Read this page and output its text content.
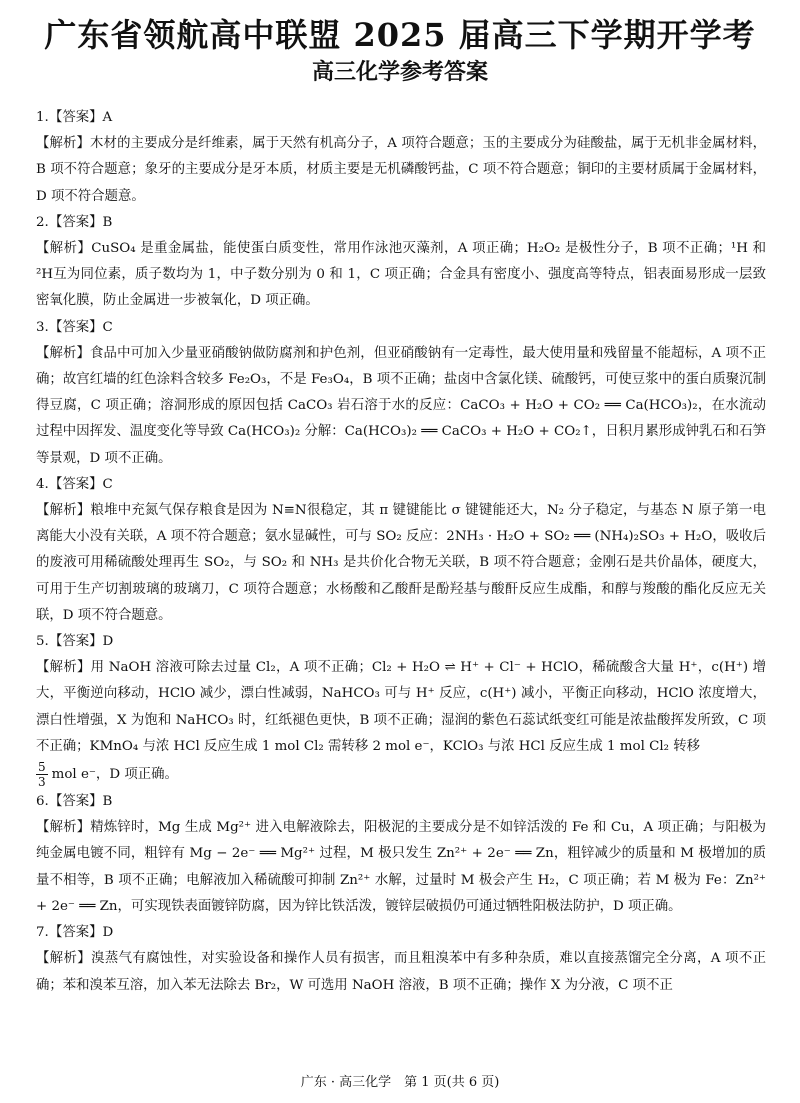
广东省领航高中联盟 2025 届高三下学期开学考
高三化学参考答案
1.【答案】A
【解析】木材的主要成分是纤维素，属于天然有机高分子，A 项符合题意；玉的主要成分为硅酸盐，属于无机非金属材料，B 项不符合题意；象牙的主要成分是牙本质，材质主要是无机磷酸钙盐，C 项不符合题意；铜印的主要材质属于金属材料，D 项不符合题意。
2.【答案】B
【解析】CuSO₄ 是重金属盐，能使蛋白质变性，常用作泳池灭藻剂，A 项正确；H₂O₂ 是极性分子，B 项不正确；¹H 和 ²H互为同位素，质子数均为 1，中子数分别为 0 和 1，C 项正确；合金具有密度小、强度高等特点，铝表面易形成一层致密氧化膜，防止金属进一步被氧化，D 项正确。
3.【答案】C
【解析】食品中可加入少量亚硝酸钠做防腐剂和护色剂，但亚硝酸钠有一定毒性，最大使用量和残留量不能超标，A 项不正确；故宫红墙的红色涂料含较多 Fe₂O₃，不是 Fe₃O₄，B 项不正确；盐卤中含氯化镁、硫酸钙，可使豆浆中的蛋白质聚沉制得豆腐，C 项正确；溶洞形成的原因包括 CaCO₃ 岩石溶于水的反应：CaCO₃ + H₂O + CO₂ ══ Ca(HCO₃)₂，在水流动过程中因挥发、温度变化等导致 Ca(HCO₃)₂ 分解：Ca(HCO₃)₂ ══ CaCO₃ + H₂O + CO₂↑，日积月累形成钟乳石和石笋等景观，D 项不正确。
4.【答案】C
【解析】粮堆中充氮气保存粮食是因为 N≡N很稳定，其 π 键键能比 σ 键键能还大，N₂ 分子稳定，与基态 N 原子第一电离能大小没有关联，A 项不符合题意；氨水显碱性，可与 SO₂ 反应：2NH₃ · H₂O + SO₂ ══ (NH₄)₂SO₃ + H₂O，吸收后的废液可用稀硫酸处理再生 SO₂，与 SO₂ 和 NH₃ 是共价化合物无关联，B 项不符合题意；金刚石是共价晶体，硬度大，可用于生产切割玻璃的玻璃刀，C 项符合题意；水杨酸和乙酸酐是酚羟基与酸酐反应生成酯，和醇与羧酸的酯化反应无关联，D 项不符合题意。
5.【答案】D
【解析】用 NaOH 溶液可除去过量 Cl₂，A 项不正确；Cl₂ + H₂O ⇌ H⁺ + Cl⁻ + HClO，稀硫酸含大量 H⁺，c(H⁺) 增大，平衡逆向移动，HClO 减少，漂白性减弱，NaHCO₃ 可与 H⁺ 反应，c(H⁺) 减小，平衡正向移动，HClO 浓度增大，漂白性增强，X 为饱和 NaHCO₃ 时，红纸褪色更快，B 项不正确；湿润的紫色石蕊试纸变红可能是浓盐酸挥发所致，C 项不正确；KMnO₄ 与浓 HCl 反应生成 1 mol Cl₂ 需转移 2 mol e⁻，KClO₃ 与浓 HCl 反应生成 1 mol Cl₂ 转移

$\frac{5}{3}$ mol e⁻，D 项正确。
6.【答案】B
【解析】精炼锌时，Mg 生成 Mg²⁺ 进入电解液除去，阳极泥的主要成分是不如锌活泼的 Fe 和 Cu，A 项正确；与阳极为纯金属电镀不同，粗锌有 Mg − 2e⁻ ══ Mg²⁺ 过程，M 极只发生 Zn²⁺ + 2e⁻ ══ Zn，粗锌减少的质量和 M 极增加的质量不相等，B 项不正确；电解液加入稀硫酸可抑制 Zn²⁺ 水解，过量时 M 极会产生 H₂，C 项正确；若 M 极为 Fe：Zn²⁺ + 2e⁻ ══ Zn，可实现铁表面镀锌防腐，因为锌比铁活泼，镀锌层破损仍可通过牺牲阳极法防护，D 项正确。
7.【答案】D
【解析】溴蒸气有腐蚀性，对实验设备和操作人员有损害，而且粗溴苯中有多种杂质，难以直接蒸馏完全分离，A 项不正确；苯和溴苯互溶，加入苯无法除去 Br₂，W 可选用 NaOH 溶液，B 项不正确；操作 X 为分液，C 项不正
广东 · 高三化学　第 1 页(共 6 页)
